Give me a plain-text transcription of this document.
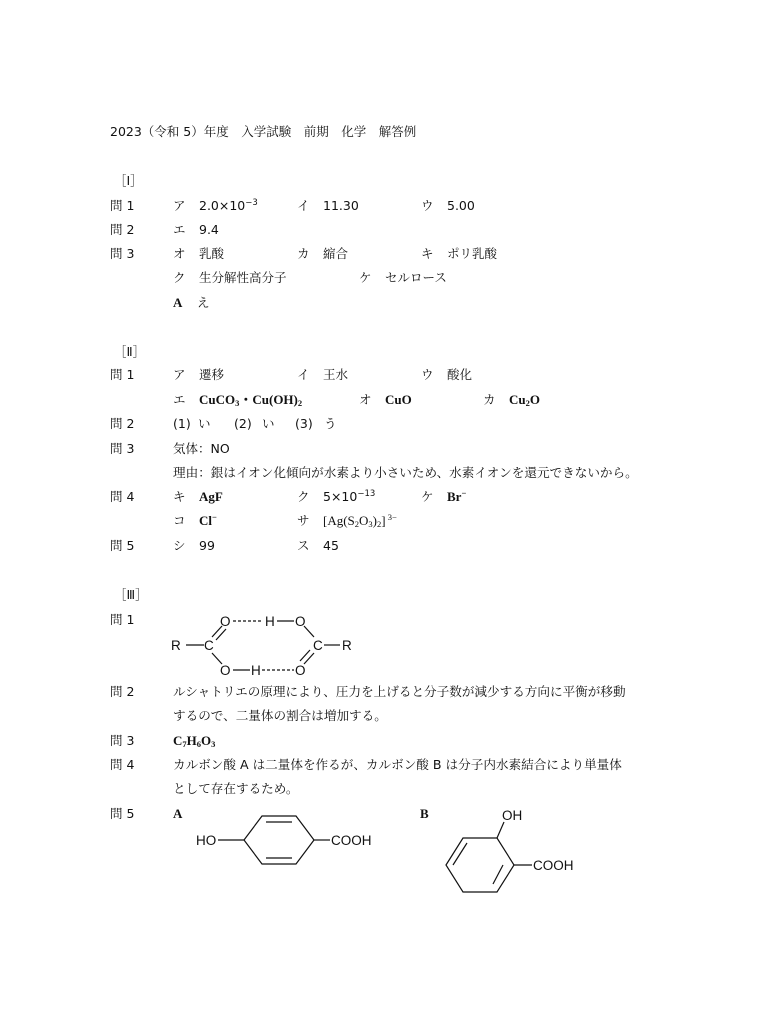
2023（令和 5）年度　入学試験　前期　化学　解答例
［Ⅰ］
問 1	ア $2.0\times 10^{-3}$	イ 11.30	ウ 5.00
問 2	エ 9.4
問 3	オ 乳酸	カ 縮合	キ ポリ乳酸
ク 生分解性高分子	ケ セルロース
A え
［Ⅱ］
問 1	ア 遷移	イ 王水	ウ 酸化
エ CuCO$_3$・$Cu(OH)_2$	オ CuO	カ $Cu_2O$
問 2	(1) い (2) い (3) う
問 3	気体：NO
理由：銀はイオン化傾向が水素より小さいため、水素イオンを還元できないから。
問 4	キ AgF	ク $5\times 10^{-13}$	ケ Br−
コ Cl−	サ $[Ag(S_2O_3)_2]$ $^{3-}$
問 5	シ 99	ス 45
［Ⅲ］
問 1
R C
O	H O
C R
O H	O
HO	COOH
OH
COOH
問 2	ルシャトリエの原理により、圧力を上げると分子数が減少する方向に平衡が移動
するので、二量体の割合は増加する。
問 3	$C_7H_6O_3$
問 4	カルボン酸 A は二量体を作るが、カルボン酸 B は分子内水素結合により単量体
として存在するため。
問 5	A	B
